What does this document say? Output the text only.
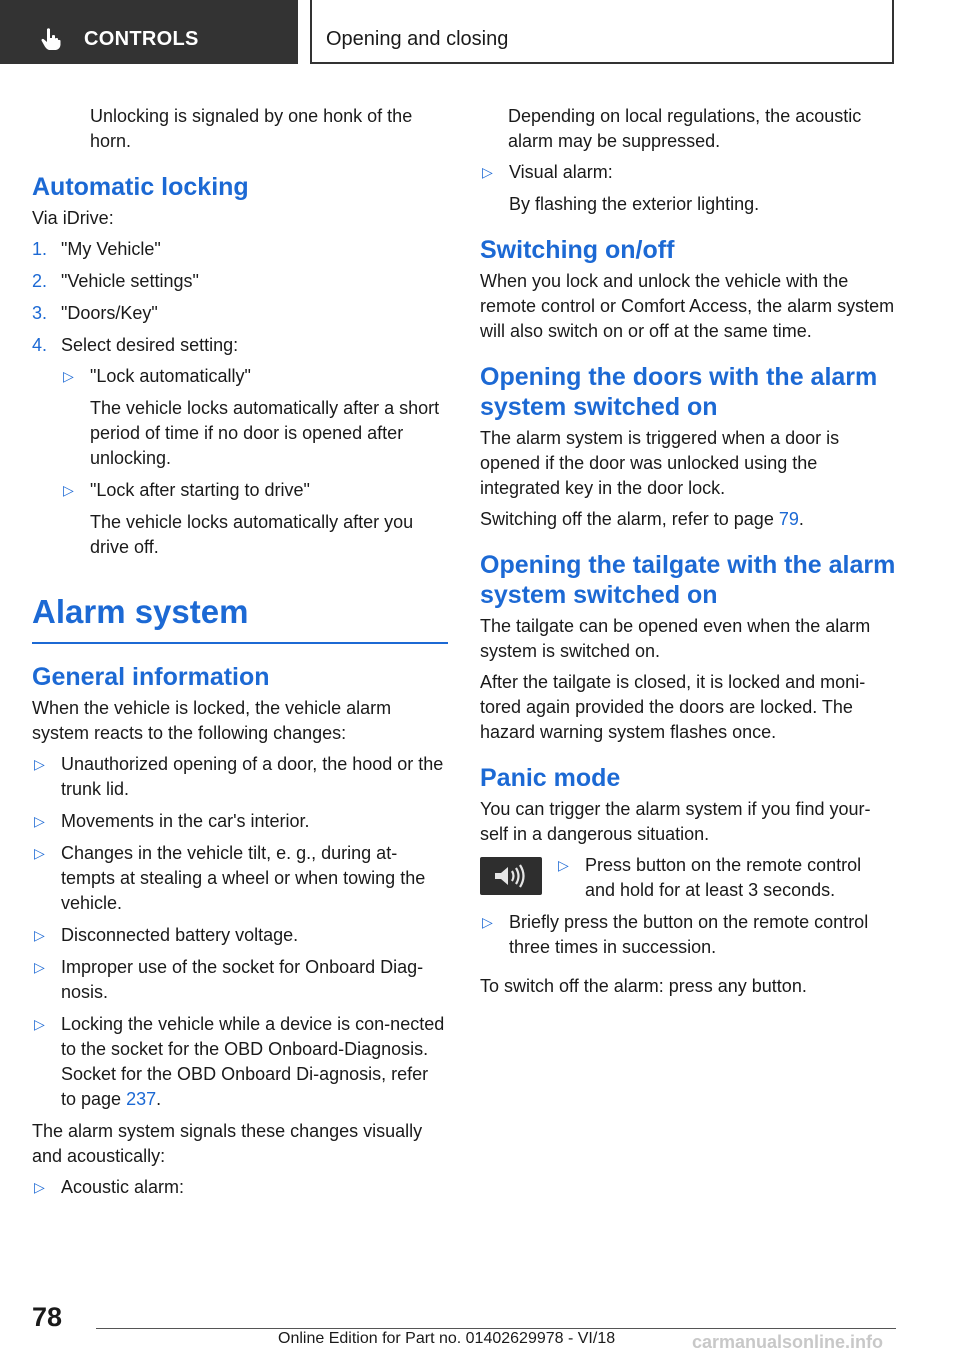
CONTROLS	Opening and closing

Unlocking is signaled by one honk of the horn.

Automatic locking

Via iDrive:

1. "My Vehicle"
2. "Vehicle settings"
3. "Doors/Key"
4. Select desired setting:
▷ "Lock automatically"
The vehicle locks automatically after a short period of time if no door is opened after unlocking.
▷ "Lock after starting to drive"
The vehicle locks automatically after you drive off.
Alarm system
General information

When the vehicle is locked, the vehicle alarm system reacts to the following changes:

▷ Unauthorized opening of a door, the hood or the trunk lid.
▷ Movements in the car's interior.
▷ Changes in the vehicle tilt, e. g., during at-tempts at stealing a wheel or when towing the vehicle.
▷ Disconnected battery voltage.
▷ Improper use of the socket for Onboard Diag-nosis.
▷ Locking the vehicle while a device is con-nected to the socket for the OBD Onboard-Diagnosis. Socket for the OBD Onboard Di-agnosis, refer to page 237.

The alarm system signals these changes visually and acoustically:

▷ Acoustic alarm:

Depending on local regulations, the acoustic alarm may be suppressed.

▷ Visual alarm:
By flashing the exterior lighting.
Switching on/off

When you lock and unlock the vehicle with the remote control or Comfort Access, the alarm system will also switch on or off at the same time.

Opening the doors with the alarm system switched on

The alarm system is triggered when a door is opened if the door was unlocked using the integrated key in the door lock.

Switching off the alarm, refer to page 79.

Opening the tailgate with the alarm system switched on

The tailgate can be opened even when the alarm system is switched on.

After the tailgate is closed, it is locked and moni-tored again provided the doors are locked. The hazard warning system flashes once.

Panic mode

You can trigger the alarm system if you find your-self in a dangerous situation.

▷ Press button on the remote control and hold for at least 3 seconds.
▷ Briefly press the button on the remote control three times in succession.

To switch off the alarm: press any button.

78
Online Edition for Part no. 01402629978 - VI/18	carmanualsonline.info
